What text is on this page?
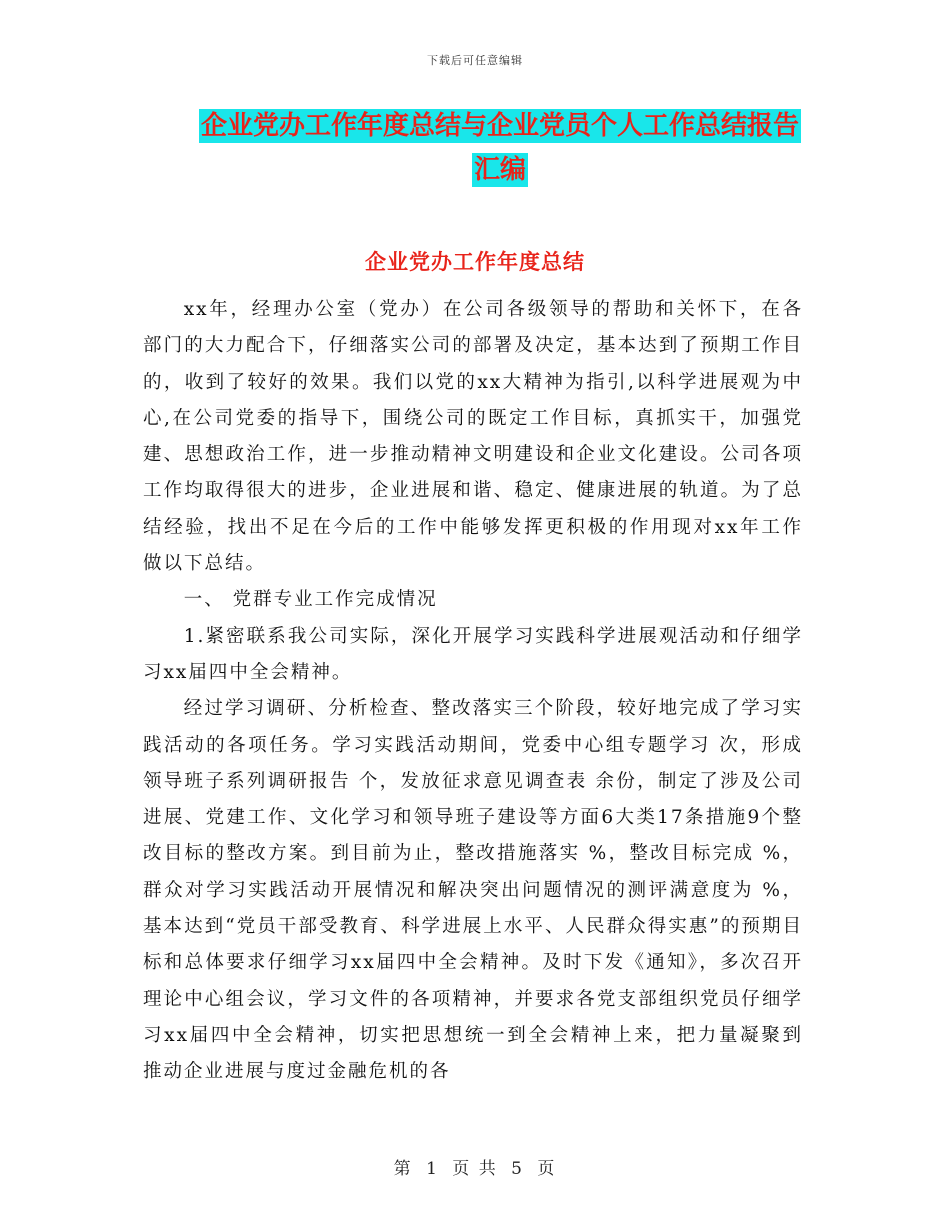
下载后可任意编辑
企业党办工作年度总结与企业党员个人工作总结报告
汇编
企业党办工作年度总结

xx年，经理办公室（党办）在公司各级领导的帮助和关怀下，在各部门的大力配合下，仔细落实公司的部署及决定，基本达到了预期工作目的，收到了较好的效果。我们以党的xx大精神为指引,以科学进展观为中心,在公司党委的指导下，围绕公司的既定工作目标，真抓实干，加强党建、思想政治工作，进一步推动精神文明建设和企业文化建设。公司各项工作均取得很大的进步，企业进展和谐、稳定、健康进展的轨道。为了总结经验，找出不足在今后的工作中能够发挥更积极的作用现对xx年工作做以下总结。

一、 党群专业工作完成情况

1.紧密联系我公司实际，深化开展学习实践科学进展观活动和仔细学习xx届四中全会精神。

经过学习调研、分析检查、整改落实三个阶段，较好地完成了学习实践活动的各项任务。学习实践活动期间，党委中心组专题学习 次，形成领导班子系列调研报告 个，发放征求意见调查表 余份，制定了涉及公司进展、党建工作、文化学习和领导班子建设等方面6大类17条措施9个整改目标的整改方案。到目前为止，整改措施落实 %，整改目标完成 %，群众对学习实践活动开展情况和解决突出问题情况的测评满意度为 %，基本达到“党员干部受教育、科学进展上水平、人民群众得实惠”的预期目标和总体要求仔细学习xx届四中全会精神。及时下发《通知》，多次召开理论中心组会议，学习文件的各项精神，并要求各党支部组织党员仔细学习xx届四中全会精神，切实把思想统一到全会精神上来，把力量凝聚到推动企业进展与度过金融危机的各

第 1 页 共 5 页
